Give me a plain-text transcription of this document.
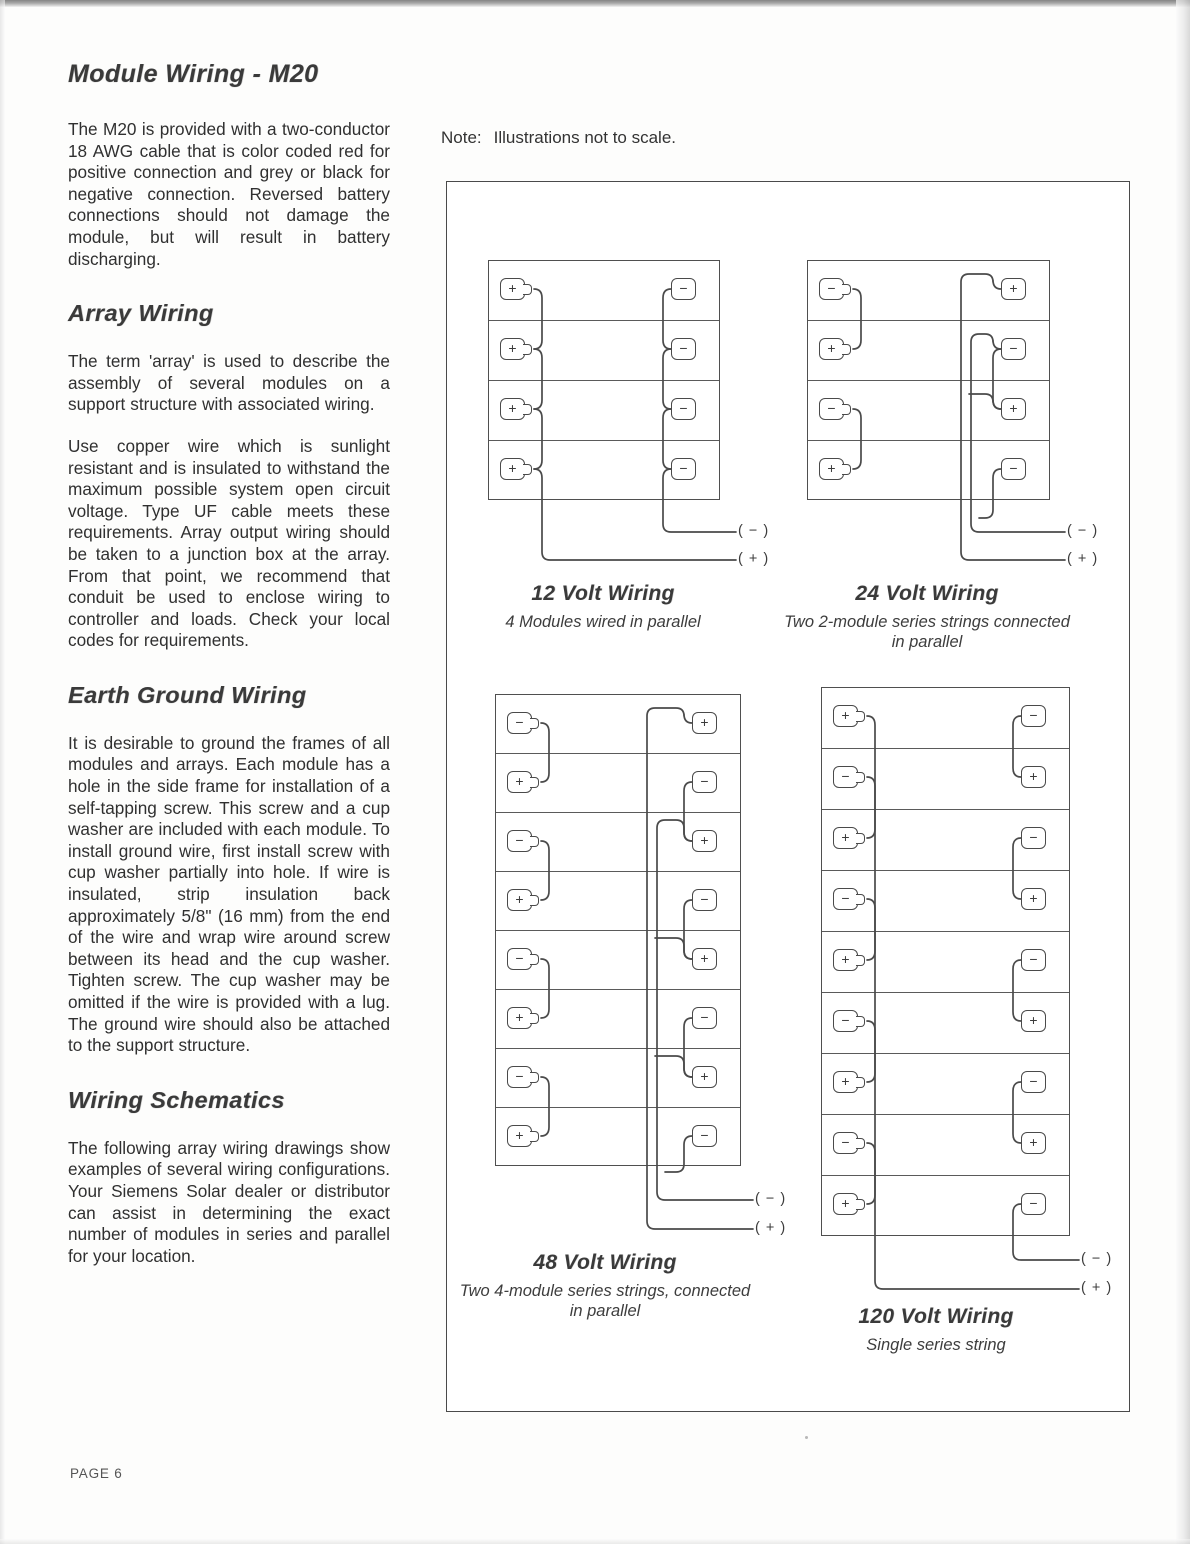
Module Wiring - M20

The M20 is provided with a two-conductor 18 AWG cable that is color coded red for positive connection and grey or black for negative connection. Reversed battery connections should not damage the module, but will result in battery discharging.

Array Wiring

The term 'array' is used to describe the assembly of several modules on a support structure with associated wiring.

Use copper wire which is sunlight resistant and is insulated to withstand the maximum possible system open circuit voltage. Type UF cable meets these requirements. Array output wiring should be taken to a junction box at the array. From that point, we recommend that conduit be used to enclose wiring to controller and loads. Check your local codes for requirements.

Earth Ground Wiring

It is desirable to ground the frames of all modules and arrays. Each module has a hole in the side frame for installation of a self-tapping screw. This screw and a cup washer are included with each module. To install ground wire, first install screw with cup washer partially into hole. If wire is insulated, strip insulation back approximately 5/8" (16 mm) from the end of the wire and wrap wire around screw between its head and the cup washer. Tighten screw. The cup washer may be omitted if the wire is provided with a lug. The ground wire should also be attached to the support structure.

Wiring Schematics

The following array wiring drawings show examples of several wiring configurations. Your Siemens Solar dealer or distributor can assist in determining the exact number of modules in series and parallel for your location.

PAGE 6
Note: Illustrations not to scale.
+
+
+
+
−
−
−
−
( − )
( + )
12 Volt Wiring
4 Modules wired in parallel
−
+
−
+
+
−
+
−
( − )
( + )
24 Volt Wiring
Two 2-module series strings connected in parallel
−
+
−
+
−
+
−
+
+
−
+
−
+
−
+
−
( − )
( + )
48 Volt Wiring
Two 4-module series strings, connected in parallel
+
−
+
−
+
−
+
−
+
−
+
−
+
−
+
−
+
−
( − )
( + )
120 Volt Wiring
Single series string
